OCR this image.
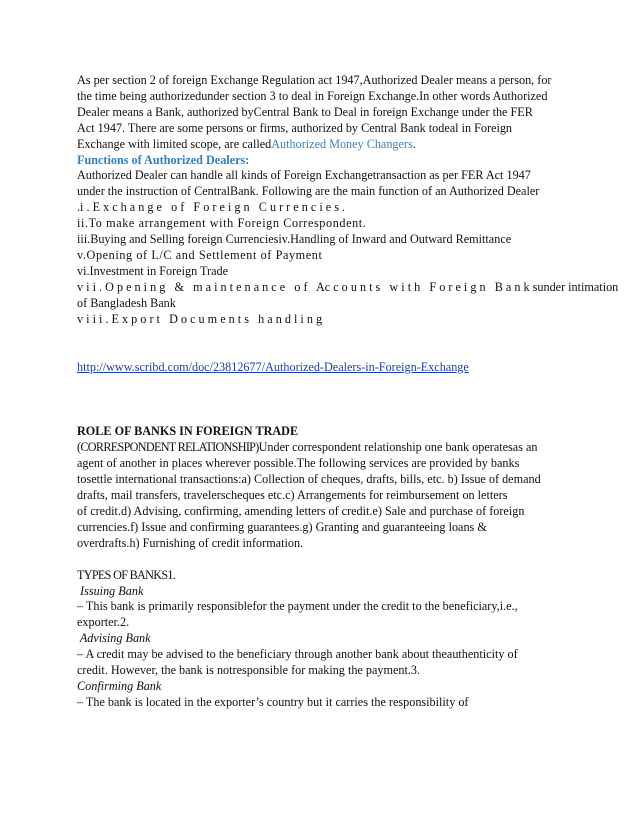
As per section 2 of foreign Exchange Regulation act 1947,Authorized Dealer means a person, for
the time being authorizedunder section 3 to deal in Foreign Exchange.In other words Authorized
Dealer means a Bank, authorized byCentral Bank to Deal in foreign Exchange under the FER
Act 1947. There are some persons or firms, authorized by Central Bank todeal in Foreign
Exchange with limited scope, are calledAuthorized Money Changers.
Functions of Authorized Dealers:
Authorized Dealer can handle all kinds of Foreign Exchangetransaction as per FER Act 1947
under the instruction of CentralBank. Following are the main function of an Authorized Dealer
.i . E x c h a n g e   o f   F o r e i g n   C u r r e n c i e s .
ii.To make arrangement with Foreign Correspondent.
iii.Buying and Selling foreign Currenciesiv.Handling of Inward and Outward Remittance
v.Opening of L/C and Settlement of Payment
vi.Investment in Foreign Trade
v i i . O p e n i n g   &   m a i n t e n a n c e   o f   Ac c o u n t s   w i t h   F o r e i g n   B a n k sunder intimation
of Bangladesh Bank
v i i i . E x p o r t   D o c u m e n t s   h a n d l i n g
http://www.scribd.com/doc/23812677/Authorized-Dealers-in-Foreign-Exchange
ROLE OF BANKS IN FOREIGN TRADE
(CORRESPONDENT RELATIONSHIP)Under correspondent relationship one bank operatesas an
agent of another in places wherever possible.The following services are provided by banks
tosettle international transactions:a) Collection of cheques, drafts, bills, etc. b) Issue of demand
drafts, mail transfers, travelerscheques etc.c) Arrangements for reimbursement on letters
of credit.d) Advising, confirming, amending letters of credit.e) Sale and purchase of foreign
currencies.f) Issue and confirming guarantees.g) Granting and guaranteeing loans &
overdrafts.h) Furnishing of credit information.
TYPES OF BANKS1.
Issuing Bank
– This bank is primarily responsiblefor the payment under the credit to the beneficiary,i.e.,
exporter.2.
Advising Bank
– A credit may be advised to the beneficiary through another bank about theauthenticity of
credit. However, the bank is notresponsible for making the payment.3.
Confirming Bank
– The bank is located in the exporter’s country but it carries the responsibility of
